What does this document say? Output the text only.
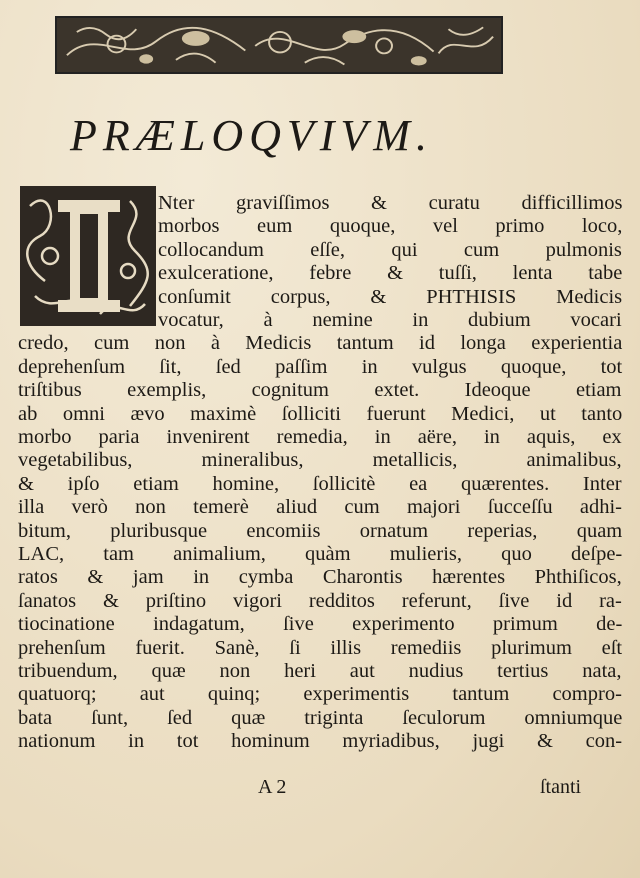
PRÆLOQVIVM.
Nter graviſſimos & curatu difficillimos
morbos eum quoque, vel primo loco,
collocandum eſſe, qui cum pulmonis
exulceratione, febre & tuſſi, lenta tabe
conſumit corpus, & PHTHISIS Medicis
vocatur, à nemine in dubium vocari
credo, cum non à Medicis tantum id longa experientia
deprehenſum ſit, ſed paſſim in vulgus quoque, tot
triſtibus exemplis, cognitum extet. Ideoque etiam
ab omni ævo maximè ſolliciti fuerunt Medici, ut tanto
morbo paria invenirent remedia, in aëre, in aquis, ex
vegetabilibus, mineralibus, metallicis, animalibus,
& ipſo etiam homine, ſollicitè ea quærentes. Inter
illa verò non temerè aliud cum majori ſucceſſu adhi-
bitum, pluribusque encomiis ornatum reperias, quam
LAC, tam animalium, quàm mulieris, quo deſpe-
ratos & jam in cymba Charontis hærentes Phthiſicos,
ſanatos & priſtino vigori redditos referunt, ſive id ra-
tiocinatione indagatum, ſive experimento primum de-
prehenſum fuerit. Sanè, ſi illis remediis plurimum eſt
tribuendum, quæ non heri aut nudius tertius nata,
quatuorq; aut quinq; experimentis tantum compro-
bata ſunt, ſed quæ triginta ſeculorum omniumque
nationum in tot hominum myriadibus, jugi & con-
A 2	ſtanti
